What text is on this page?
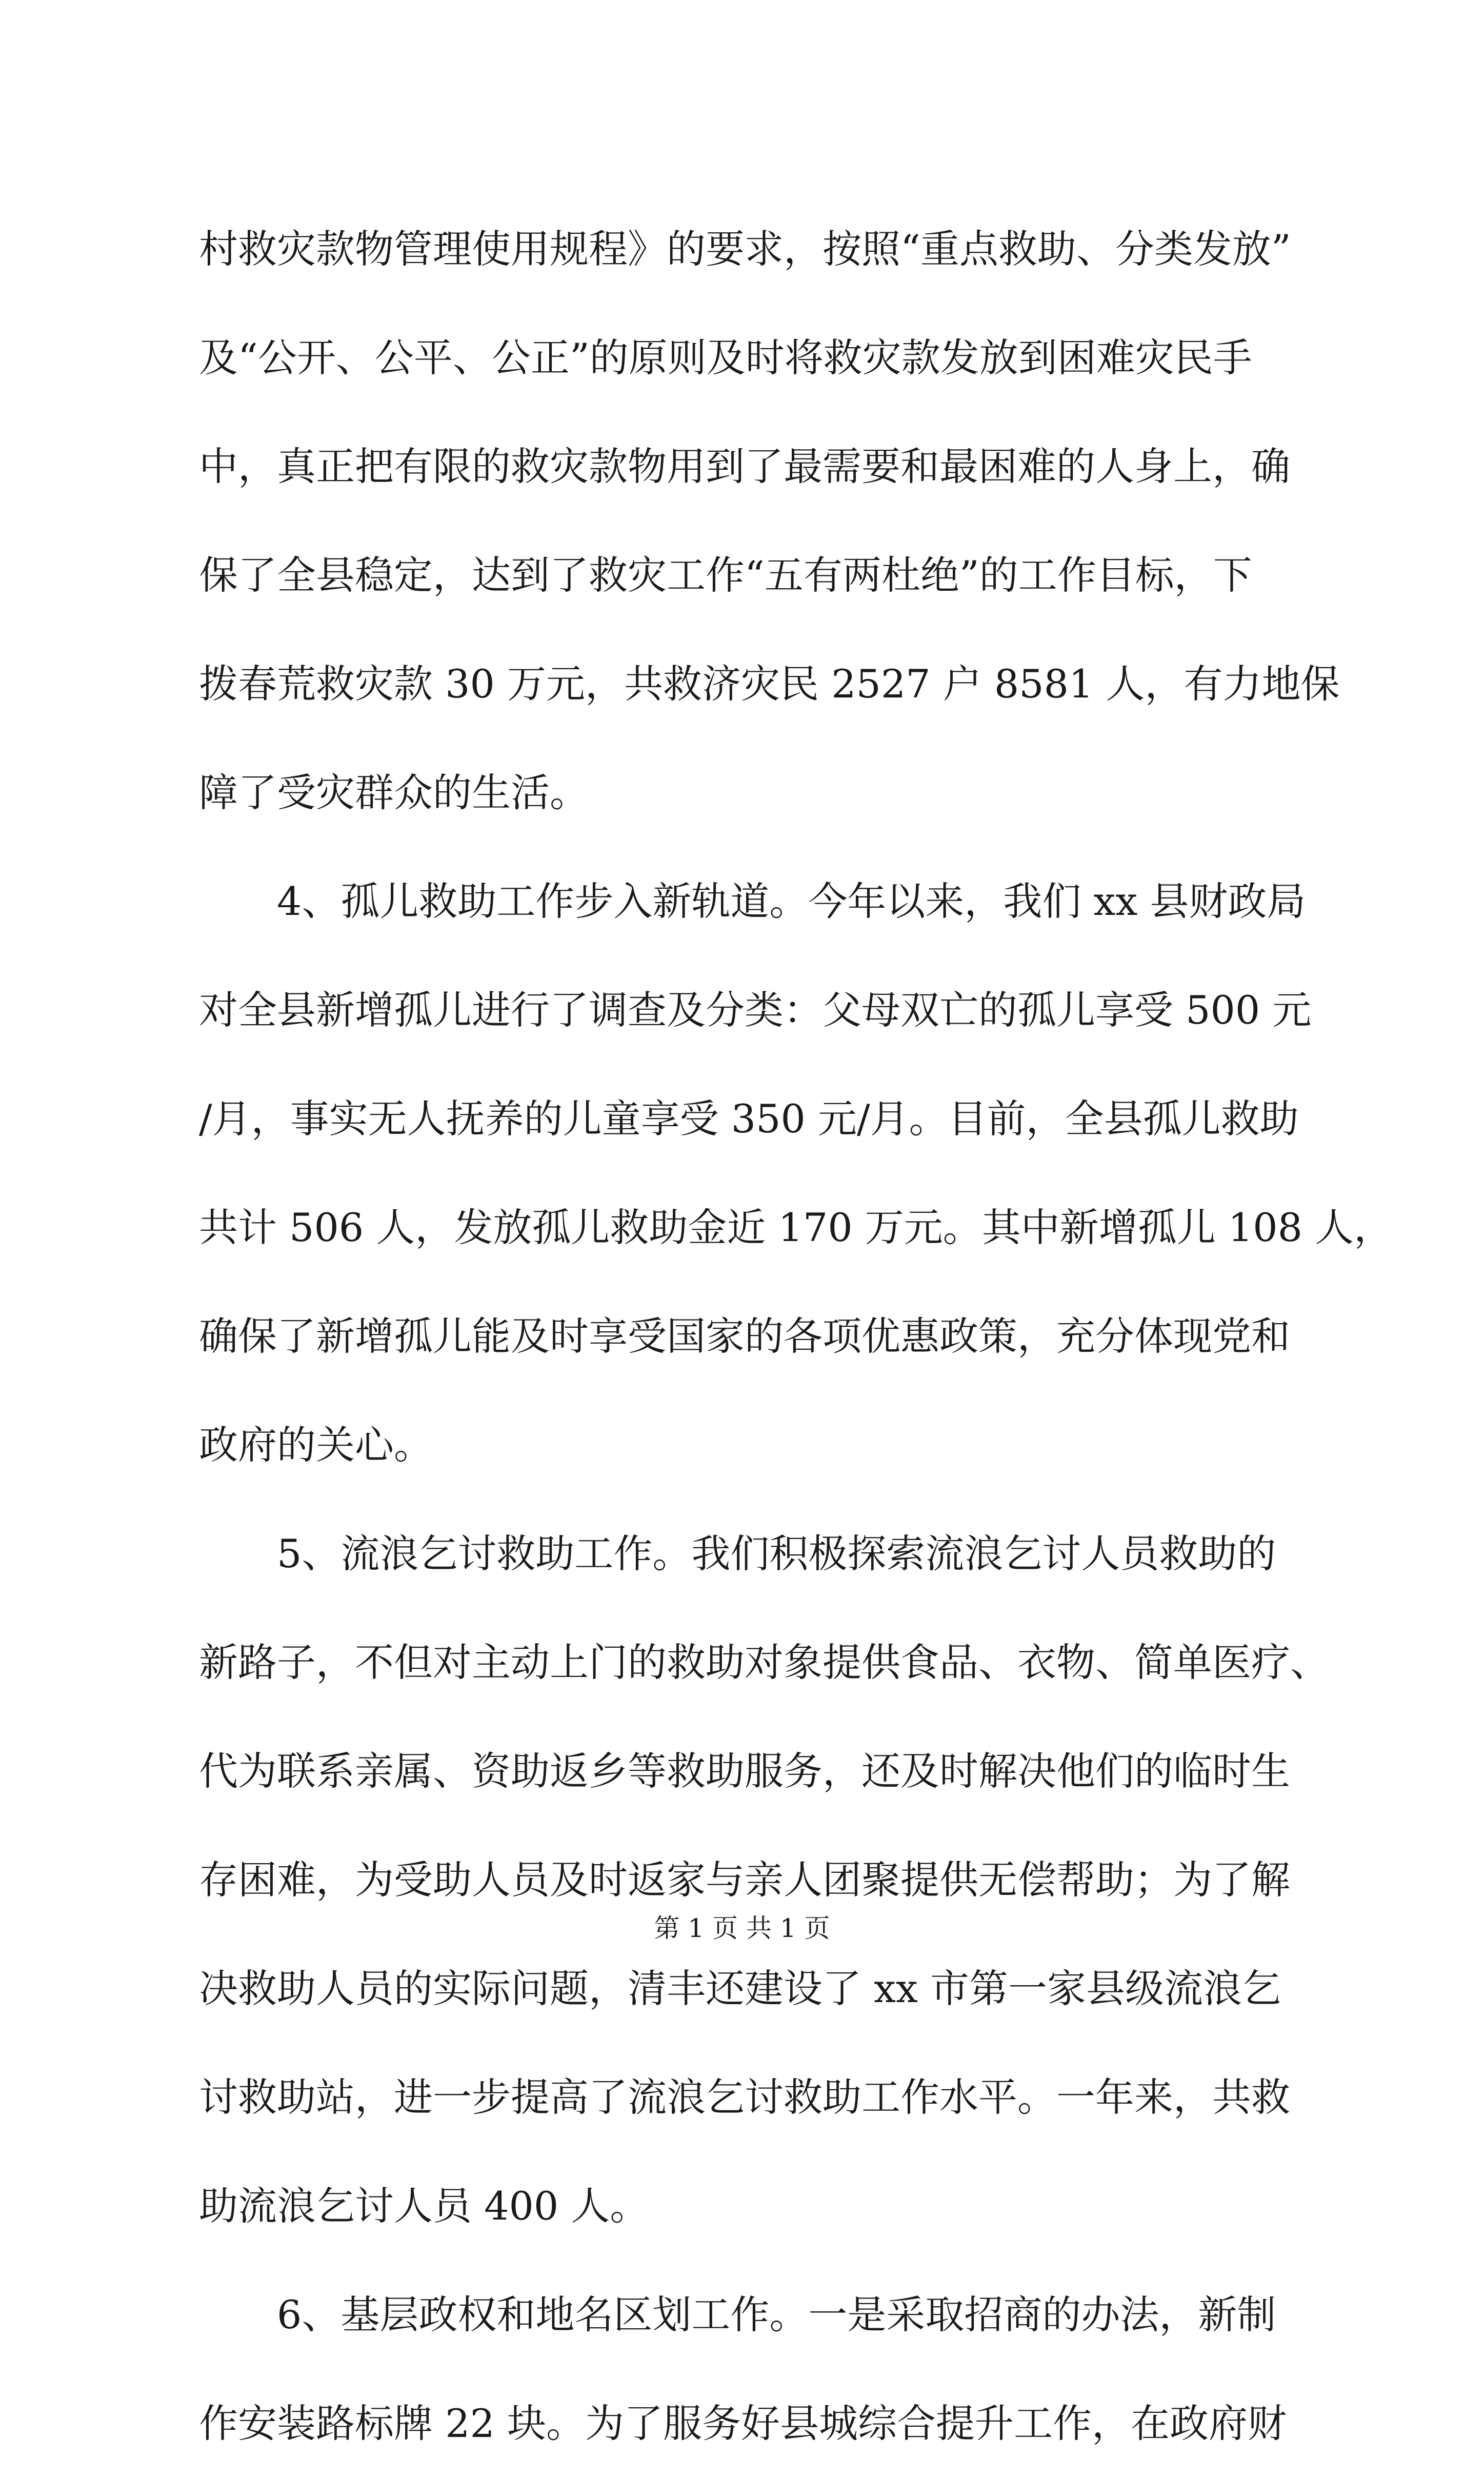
村救灾款物管理使用规程》的要求，按照“重点救助、分类发放”
及“公开、公平、公正”的原则及时将救灾款发放到困难灾民手
中，真正把有限的救灾款物用到了最需要和最困难的人身上，确
保了全县稳定，达到了救灾工作“五有两杜绝”的工作目标，下
拨春荒救灾款 30 万元，共救济灾民 2527 户 8581 人，有力地保
障了受灾群众的生活。
4、孤儿救助工作步入新轨道。今年以来，我们 xx 县财政局
对全县新增孤儿进行了调查及分类：父母双亡的孤儿享受 500 元
/月，事实无人抚养的儿童享受 350 元/月。目前，全县孤儿救助
共计 506 人，发放孤儿救助金近 170 万元。其中新增孤儿 108 人，
确保了新增孤儿能及时享受国家的各项优惠政策，充分体现党和
政府的关心。
5、流浪乞讨救助工作。我们积极探索流浪乞讨人员救助的
新路子，不但对主动上门的救助对象提供食品、衣物、简单医疗、
代为联系亲属、资助返乡等救助服务，还及时解决他们的临时生
存困难，为受助人员及时返家与亲人团聚提供无偿帮助；为了解
决救助人员的实际问题，清丰还建设了 xx 市第一家县级流浪乞
讨救助站，进一步提高了流浪乞讨救助工作水平。一年来，共救
助流浪乞讨人员 400 人。
6、基层政权和地名区划工作。一是采取招商的办法，新制
作安装路标牌 22 块。为了服务好县城综合提升工作，在政府财
第 1 页 共 1 页
